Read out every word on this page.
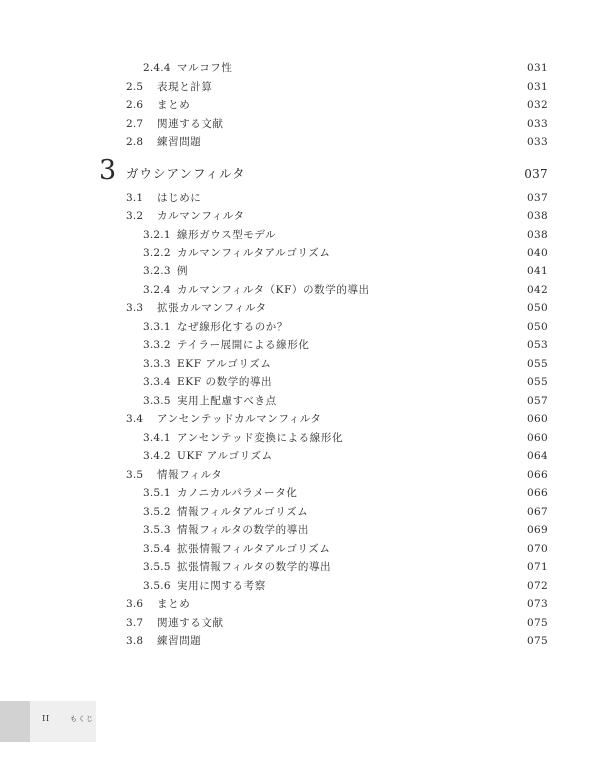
2.4.4 マルコフ性	031
2.5 表現と計算	031
2.6 まとめ	032
2.7 関連する文献	033
2.8 練習問題	033
3 ガウシアンフィルタ	037
3.1 はじめに	037
3.2 カルマンフィルタ	038
3.2.1 線形ガウス型モデル	038
3.2.2 カルマンフィルタアルゴリズム	040
3.2.3 例	041
3.2.4 カルマンフィルタ（KF）の数学的導出	042
3.3 拡張カルマンフィルタ	050
3.3.1 なぜ線形化するのか？	050
3.3.2 テイラー展開による線形化	053
3.3.3 EKF アルゴリズム	055
3.3.4 EKF の数学的導出	055
3.3.5 実用上配慮すべき点	057
3.4 アンセンテッドカルマンフィルタ	060
3.4.1 アンセンテッド変換による線形化	060
3.4.2 UKF アルゴリズム	064
3.5 情報フィルタ	066
3.5.1 カノニカルパラメータ化	066
3.5.2 情報フィルタアルゴリズム	067
3.5.3 情報フィルタの数学的導出	069
3.5.4 拡張情報フィルタアルゴリズム	070
3.5.5 拡張情報フィルタの数学的導出	071
3.5.6 実用に関する考察	072
3.6 まとめ	073
3.7 関連する文献	075
3.8 練習問題	075
II	もくじ
